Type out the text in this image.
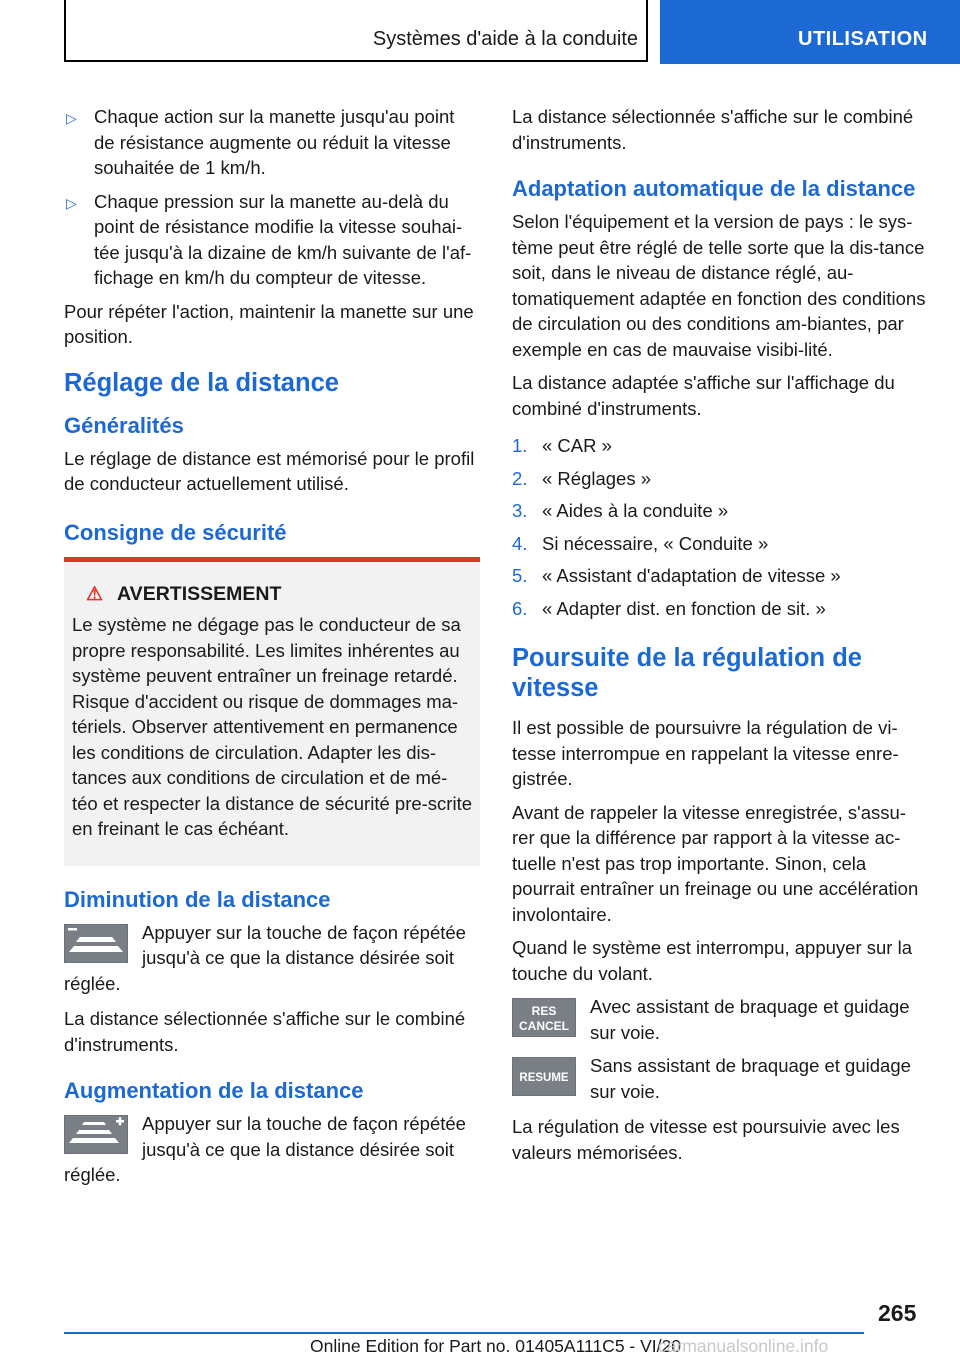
Systèmes d'aide à la conduite	UTILISATION
▷ Chaque action sur la manette jusqu'au point de résistance augmente ou réduit la vitesse souhaitée de 1 km/h.
▷ Chaque pression sur la manette au-delà du point de résistance modifie la vitesse souhai-tée jusqu'à la dizaine de km/h suivante de l'af-fichage en km/h du compteur de vitesse.

Pour répéter l'action, maintenir la manette sur une position.

Réglage de la distance
Généralités

Le réglage de distance est mémorisé pour le profil de conducteur actuellement utilisé.

Consigne de sécurité
⚠ AVERTISSEMENT
Le système ne dégage pas le conducteur de sa propre responsabilité. Les limites inhérentes au système peuvent entraîner un freinage retardé. Risque d'accident ou risque de dommages ma-tériels. Observer attentivement en permanence les conditions de circulation. Adapter les dis-tances aux conditions de circulation et de mé-téo et respecter la distance de sécurité pre-scrite en freinant le cas échéant.
Diminution de la distance
Appuyer sur la touche de façon répétée jusqu'à ce que la distance désirée soit réglée.

La distance sélectionnée s'affiche sur le combiné d'instruments.

Augmentation de la distance
Appuyer sur la touche de façon répétée jusqu'à ce que la distance désirée soit réglée.

La distance sélectionnée s'affiche sur le combiné d'instruments.

Adaptation automatique de la distance

Selon l'équipement et la version de pays : le sys-tème peut être réglé de telle sorte que la dis-tance soit, dans le niveau de distance réglé, au-tomatiquement adaptée en fonction des conditions de circulation ou des conditions am-biantes, par exemple en cas de mauvaise visibi-lité.

La distance adaptée s'affiche sur l'affichage du combiné d'instruments.

1. « CAR »
2. « Réglages »
3. « Aides à la conduite »
4. Si nécessaire, « Conduite »
5. « Assistant d'adaptation de vitesse »
6. « Adapter dist. en fonction de sit. »
Poursuite de la régulation de vitesse

Il est possible de poursuivre la régulation de vi-tesse interrompue en rappelant la vitesse enre-gistrée.

Avant de rappeler la vitesse enregistrée, s'assu-rer que la différence par rapport à la vitesse ac-tuelle n'est pas trop importante. Sinon, cela pourrait entraîner un freinage ou une accélération involontaire.

Quand le système est interrompu, appuyer sur la touche du volant.

RES
CANCEL
Avec assistant de braquage et guidage sur voie.
RESUME
Sans assistant de braquage et guidage sur voie.

La régulation de vitesse est poursuivie avec les valeurs mémorisées.

265
Online Edition for Part no. 01405A111C5 - VI/20
carmanualsonline.info
